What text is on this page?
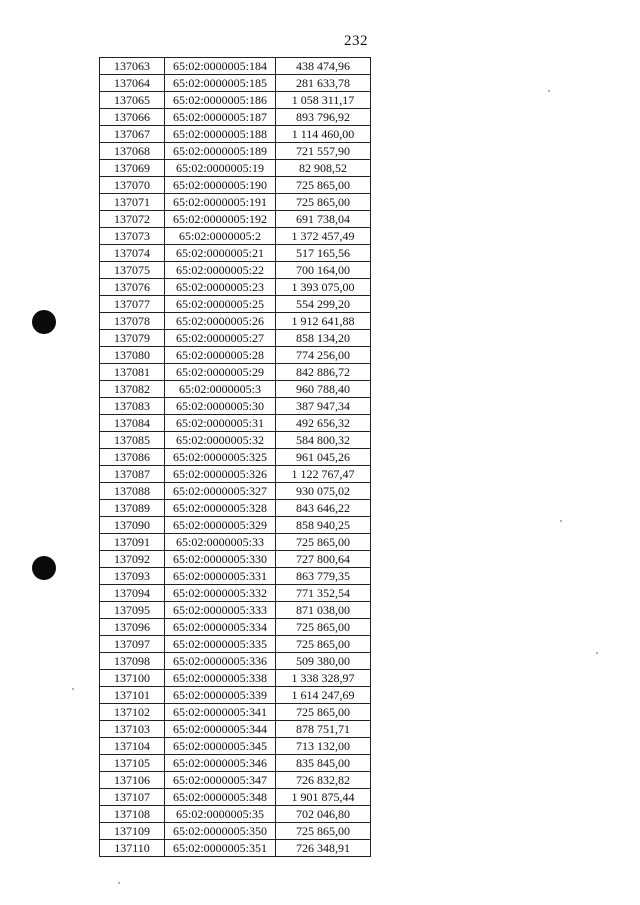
232
137063	65:02:0000005:184	438 474,96
137064	65:02:0000005:185	281 633,78
137065	65:02:0000005:186	1 058 311,17
137066	65:02:0000005:187	893 796,92
137067	65:02:0000005:188	1 114 460,00
137068	65:02:0000005:189	721 557,90
137069	65:02:0000005:19	82 908,52
137070	65:02:0000005:190	725 865,00
137071	65:02:0000005:191	725 865,00
137072	65:02:0000005:192	691 738,04
137073	65:02:0000005:2	1 372 457,49
137074	65:02:0000005:21	517 165,56
137075	65:02:0000005:22	700 164,00
137076	65:02:0000005:23	1 393 075,00
137077	65:02:0000005:25	554 299,20
137078	65:02:0000005:26	1 912 641,88
137079	65:02:0000005:27	858 134,20
137080	65:02:0000005:28	774 256,00
137081	65:02:0000005:29	842 886,72
137082	65:02:0000005:3	960 788,40
137083	65:02:0000005:30	387 947,34
137084	65:02:0000005:31	492 656,32
137085	65:02:0000005:32	584 800,32
137086	65:02:0000005:325	961 045,26
137087	65:02:0000005:326	1 122 767,47
137088	65:02:0000005:327	930 075,02
137089	65:02:0000005:328	843 646,22
137090	65:02:0000005:329	858 940,25
137091	65:02:0000005:33	725 865,00
137092	65:02:0000005:330	727 800,64
137093	65:02:0000005:331	863 779,35
137094	65:02:0000005:332	771 352,54
137095	65:02:0000005:333	871 038,00
137096	65:02:0000005:334	725 865,00
137097	65:02:0000005:335	725 865,00
137098	65:02:0000005:336	509 380,00
137100	65:02:0000005:338	1 338 328,97
137101	65:02:0000005:339	1 614 247,69
137102	65:02:0000005:341	725 865,00
137103	65:02:0000005:344	878 751,71
137104	65:02:0000005:345	713 132,00
137105	65:02:0000005:346	835 845,00
137106	65:02:0000005:347	726 832,82
137107	65:02:0000005:348	1 901 875,44
137108	65:02:0000005:35	702 046,80
137109	65:02:0000005:350	725 865,00
137110	65:02:0000005:351	726 348,91
